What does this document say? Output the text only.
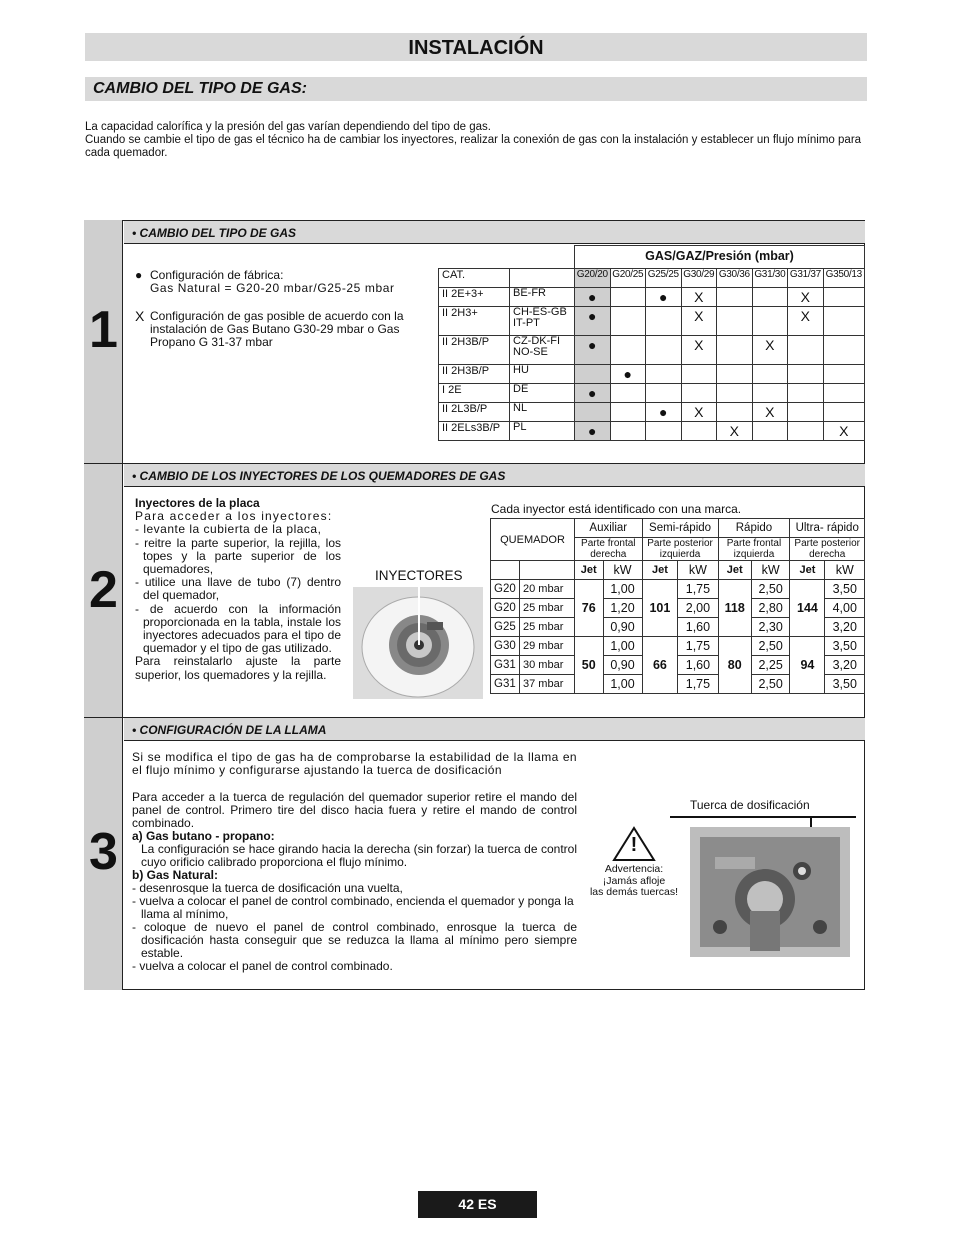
INSTALACIÓN
CAMBIO DEL TIPO DE GAS:

La capacidad calorífica y la presión del gas varían dependiendo del tipo de gas.

Cuando se cambie el tipo de gas el técnico ha de cambiar los inyectores, realizar la conexión de gas con la instalación y establecer un flujo mínimo para cada quemador.

1
2
3
• CAMBIO DEL TIPO DE GAS

● Configuración de fábrica:

Gas Natural = G20-20 mbar/G25-25 mbar

X Configuración de gas posible de acuerdo con la instalación de Gas Butano G30-29 mbar o Gas Propano G 31-37 mbar

		GAS/GAZ/Presión (mbar)							
CAT.		G20/20	G20/25	G25/25	G30/29	G30/36	G31/30	G31/37	G350/13
II 2E+3+	BE-FR	●		●	X			X	
II 2H3+	CH-ES-GB IT-PT	●			X			X	
II 2H3B/P	CZ-DK-FI NO-SE	●			X		X		
II 2H3B/P	HU		●						
I 2E	DE	●							
II 2L3B/P	NL			●	X		X		
II 2ELs3B/P	PL	●				X			X
• CAMBIO DE LOS INYECTORES DE LOS QUEMADORES DE GAS

Inyectores de la placa

Para acceder a los inyectores:

- levante la cubierta de la placa,

- reitre la parte superior, la rejilla, los topes y la parte superior de los quemadores,

- utilice una llave de tubo (7) dentro del quemador,

- de acuerdo con la información proporcionada en la tabla, instale los inyectores adecuados para el tipo de quemador y el tipo de gas utilizado.

Para reinstalarlo ajuste la parte superior, los quemadores y la rejilla.

INYECTORES
Cada inyector está identificado con una marca.
QUEMADOR		Auxiliar		Semi-rápido		Rápido		Ultra- rápido	
		Parte frontal derecha		Parte posterior izquierda		Parte frontal izquierda		Parte posterior derecha	
		Jet	kW	Jet	kW	Jet	kW	Jet	kW
G20	20 mbar	76	1,00	101	1,75	118	2,50	144	3,50
G20	25 mbar		1,20		2,00		2,80		4,00
G25	25 mbar		0,90		1,60		2,30		3,20
G30	29 mbar	50	1,00	66	1,75	80	2,50	94	3,50
G31	30 mbar		0,90		1,60		2,25		3,20
G31	37 mbar		1,00		1,75		2,50		3,50
• CONFIGURACIÓN DE LA LLAMA

Si se modifica el tipo de gas ha de comprobarse la estabilidad de la llama en el flujo mínimo y configurarse ajustando la tuerca de dosificación

Para acceder a la tuerca de regulación del quemador superior retire el mando del panel de control. Primero tire del disco hacia fuera y retire el mando de control combinado.

a) Gas butano - propano:

La configuración se hace girando hacia la derecha (sin forzar) la tuerca de control cuyo orificio calibrado proporciona el flujo mínimo.

b) Gas Natural:

- desenrosque la tuerca de dosificación una vuelta,

- vuelva a colocar el panel de control combinado, encienda el quemador y ponga la llama al mínimo,

- coloque de nuevo el panel de control combinado, enrosque la tuerca de dosificación hasta conseguir que se reduzca la llama al mínimo pero siempre estable.

- vuelva a colocar el panel de control combinado.

Tuerca de dosificación
!

Advertencia:

¡Jamás afloje

las demás tuercas!

42 ES
